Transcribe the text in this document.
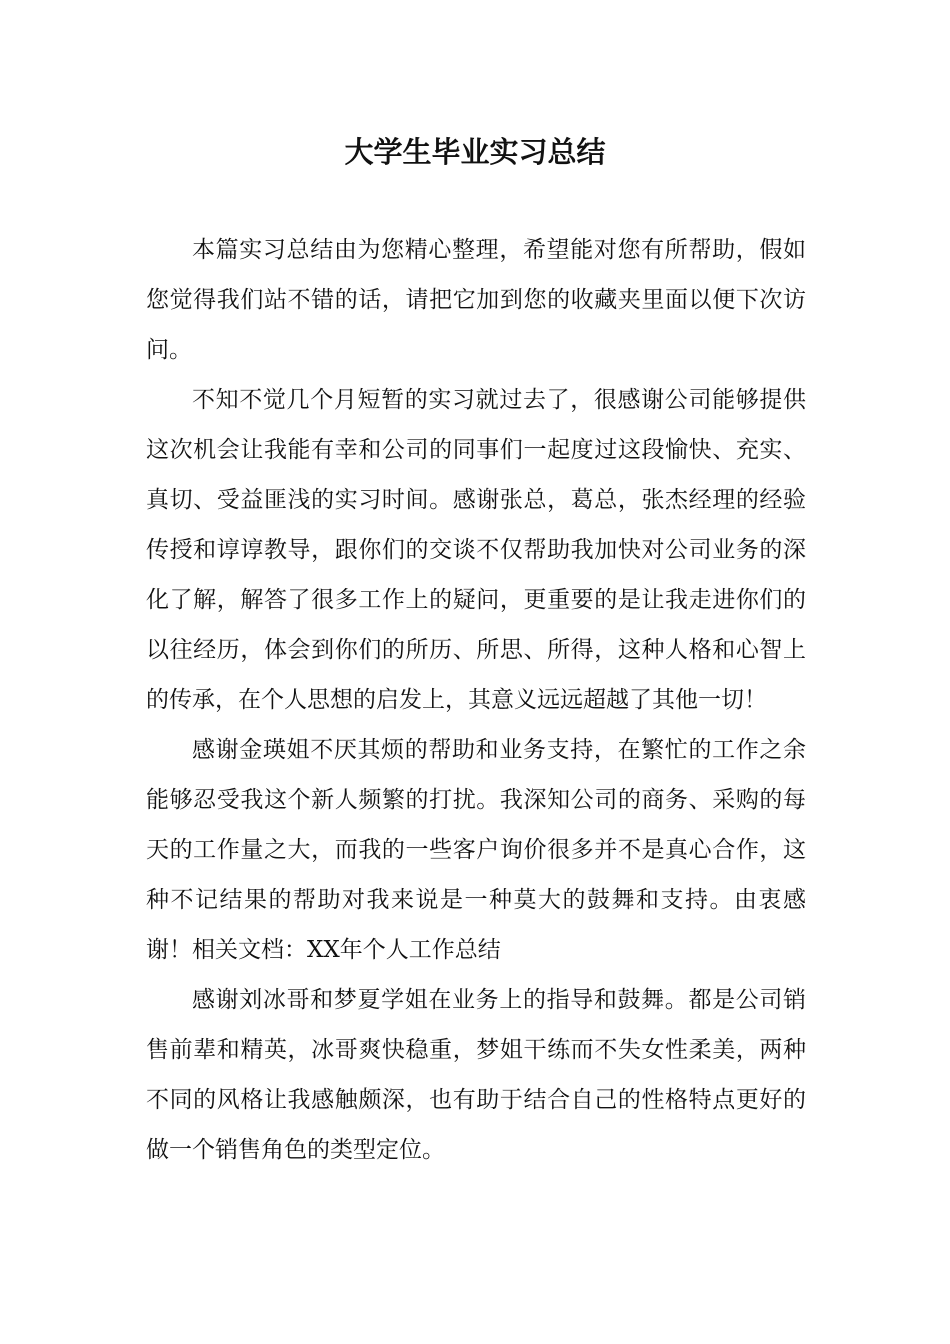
大学生毕业实习总结

本篇实习总结由为您精心整理，希望能对您有所帮助，假如您觉得我们站不错的话，请把它加到您的收藏夹里面以便下次访问。

不知不觉几个月短暂的实习就过去了，很感谢公司能够提供这次机会让我能有幸和公司的同事们一起度过这段愉快、充实、真切、受益匪浅的实习时间。感谢张总，葛总，张杰经理的经验传授和谆谆教导，跟你们的交谈不仅帮助我加快对公司业务的深化了解，解答了很多工作上的疑问，更重要的是让我走进你们的以往经历，体会到你们的所历、所思、所得，这种人格和心智上的传承，在个人思想的启发上，其意义远远超越了其他一切！

感谢金瑛姐不厌其烦的帮助和业务支持，在繁忙的工作之余能够忍受我这个新人频繁的打扰。我深知公司的商务、采购的每天的工作量之大，而我的一些客户询价很多并不是真心合作，这种不记结果的帮助对我来说是一种莫大的鼓舞和支持。由衷感谢！相关文档：XX年个人工作总结

感谢刘冰哥和梦夏学姐在业务上的指导和鼓舞。都是公司销售前辈和精英，冰哥爽快稳重，梦姐干练而不失女性柔美，两种不同的风格让我感触颇深，也有助于结合自己的性格特点更好的做一个销售角色的类型定位。
